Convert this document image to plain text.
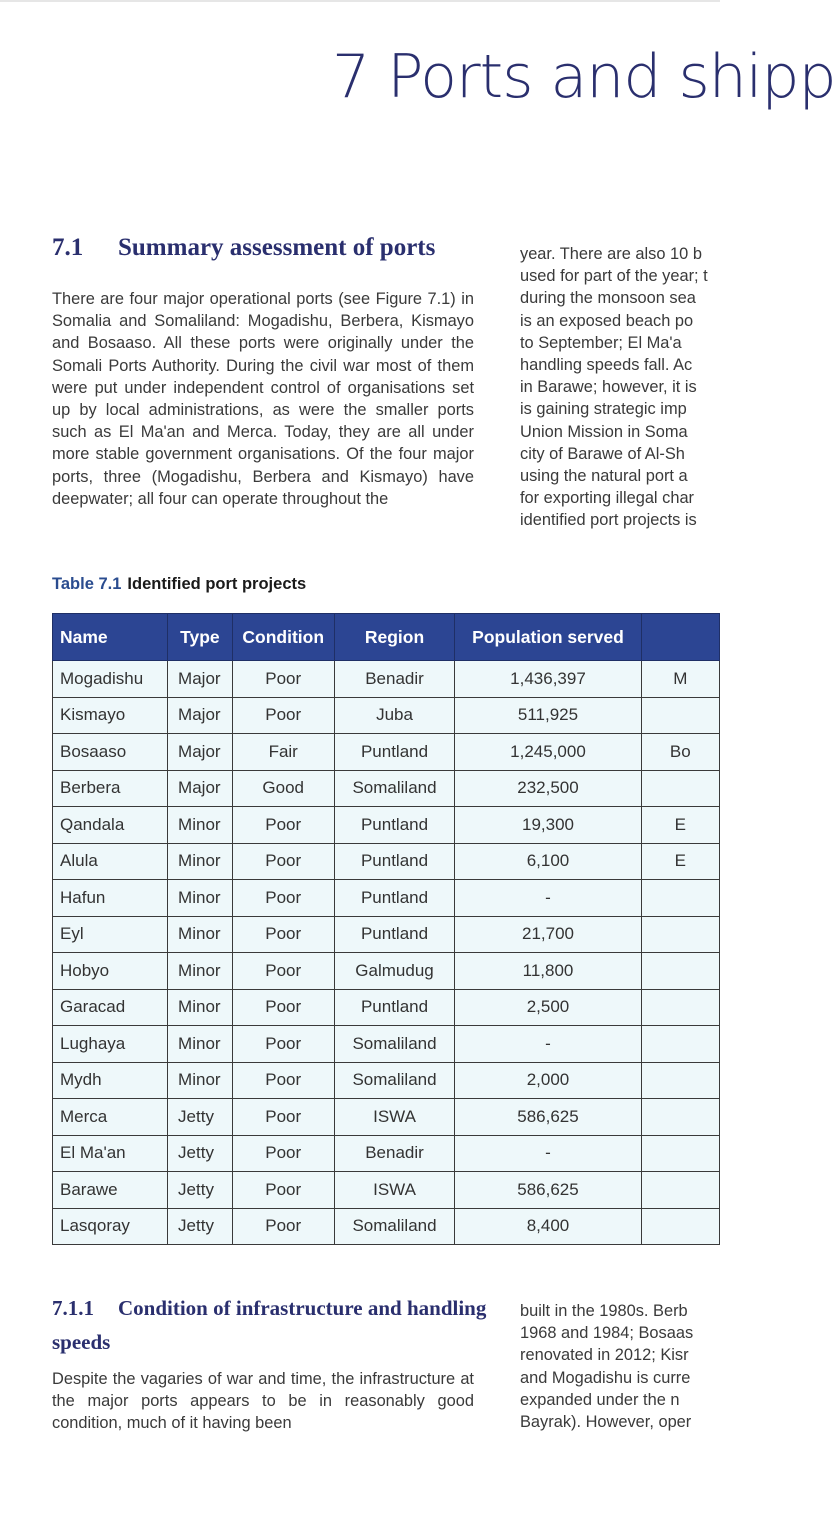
7 Ports and shipp
7.1 Summary assessment of ports

There are four major operational ports (see Figure 7.1) in Somalia and Somaliland: Mogadishu, Berbera, Kismayo and Bosaaso. All these ports were originally under the Somali Ports Authority. During the civil war most of them were put under independent control of organisations set up by local administrations, as were the smaller ports such as El Ma'an and Merca. Today, they are all under more stable government organisations. Of the four major ports, three (Mogadishu, Berbera and Kismayo) have deepwater; all four can operate throughout the

year. There are also 10 b
used for part of the year; t
during the monsoon sea
is an exposed beach po
to September; El Ma'a
handling speeds fall. Ac
in Barawe; however, it is
is gaining strategic imp
Union Mission in Soma
city of Barawe of Al-Sh
using the natural port a
for exporting illegal char
identified port projects is
Table 7.1 Identified port projects
Name	Type	Condition	Region	Population served	
Mogadishu	Major	Poor	Benadir	1,436,397	M
Kismayo	Major	Poor	Juba	511,925	
Bosaaso	Major	Fair	Puntland	1,245,000	Bo
Berbera	Major	Good	Somaliland	232,500	
Qandala	Minor	Poor	Puntland	19,300	E
Alula	Minor	Poor	Puntland	6,100	E
Hafun	Minor	Poor	Puntland	-	
Eyl	Minor	Poor	Puntland	21,700	
Hobyo	Minor	Poor	Galmudug	11,800	
Garacad	Minor	Poor	Puntland	2,500	
Lughaya	Minor	Poor	Somaliland	-	
Mydh	Minor	Poor	Somaliland	2,000	
Merca	Jetty	Poor	ISWA	586,625	
El Ma'an	Jetty	Poor	Benadir	-	
Barawe	Jetty	Poor	ISWA	586,625	
Lasqoray	Jetty	Poor	Somaliland	8,400	
7.1.1 Condition of infrastructure and handling speeds

Despite the vagaries of war and time, the infrastructure at the major ports appears to be in reasonably good condition, much of it having been

built in the 1980s. Berb
1968 and 1984; Bosaas
renovated in 2012; Kisr
and Mogadishu is curre
expanded under the n
Bayrak). However, oper
